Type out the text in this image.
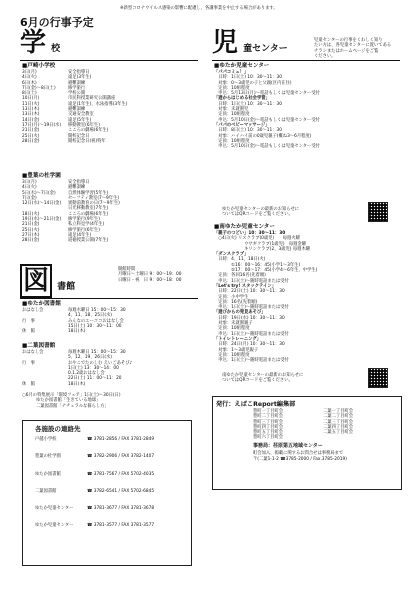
※新型コロナウイルス感染の影響に配慮し、各講事業を中止する場合があります。
6月の行事予定
学 校
■戸崎小学校
3日(月)	安全指導日
4日(火)	遠足(3年生)
6日(木)	避難訓練
7日(金)〜8日(土)	修学旅行
8日(土)	学校公開
10日(月)	市民科授業研究公開講座
11日(火)	遠足(1年生)、水泳指導(3年生)
13日(木)	避難訓練
13日(木)	交通安全教室
14日(金)	遠足(5年生)
17日(月)〜19日(水)	移動教室(6年生)
21日(金)	こころの劇場(6年生)
25日(火)	開校記念日
28日(金)	開校記念日(祝)特年
■豊葉の杜学園
3日(月)	安全指導日
4日(火)	避難訓練
5日(水)〜7日(金)	自然体験学習(5年生)
7日(金)	セーフティ教室(7〜9年生)
12日(水)〜14日(金)	異動前教育の日(7〜9年生)
日光移動教室(7年生)
18日(火)	こころの劇場(6年生)
19日(水)〜21日(金)	修学旅行(9年生)
21日(金)	私立科見学(4年生)
25日(火)	修学旅行(6年生)
27日(木)	遠足(4年生)
28日(金)	道徳授業公開(7年生)
図 書館
開館時間
月曜日〜土曜日 9：00〜19：00
日曜日・祝　日 9：00〜18：00
■ゆたか図書館
おはなし会	毎週水曜日 15：00〜15：30
4、11、18、25日(水)
行　事	みんなのユーココおはなし会
15日(土) 10：30〜11：00
休　館	18日(木)
■二葉図書館
おはなし会	毎週木曜日 15：00〜15：30
5、12、19、26日(水)
行　事	おやこでたのしむ えいごあそび♪
1日(土) 13：30〜14：00
0.1.2歳おはなし会
22日(土) 11：00〜11：20
休　館	18日(木)
○6月の特集展示「環境フェア」1日(土)〜30日(日)
ゆたか図書館「生きている地球」
二葉図書館「ナチュラルな暮らし方」
各施設の連絡先
戸越小学校	☎ 3781-2856 / FAX 3781-2849
豊葉の杜学園	☎ 3782-2906 / FAX 3782-1407
ゆたか図書館	☎ 3781-7567 / FAX 5702-4035
二葉図書館	☎ 3782-6541 / FAX 5702-6845
ゆたか児童センター	☎ 3781-3677 / FAX 3781-3678
ゆたか児童センター	☎ 3781-3577 / FAX 3781-3577
児 童センター
児童センターの行事をくわしく知り
たい方は、各児童センターに置いてある
チラシまたはホームページをご覧
ください。
■ゆたか児童センター
「パパコミュ！」
　日時：1日(土) 10：30〜11：30
　対象：0〜3歳児の子と父親(区内在住)
　定員：10組程度
　申込：5月13日(月)〜電話もしくは児童センター受付
「遊からはじめる社会学習」
　日時：1日(土) 10：30〜11：30
　対象：未就園児
　定員：10組程度
　申込：5月10日(金)〜電話もしくは児童センター受付
「パパのベビーマッサージ」
　日時：8日(土) 10：30〜11：30
　対象：ハイハイ前の0歳児親子(概ね3〜6月程度)
　定員：10組程度
　申込：5月10日(金)〜電話もしくは児童センター受付
ゆたか児童センターの最新のお知らせに
ついてはQRコードをご覧ください。
■南ゆたか児童センター
「親子のつどい」10：30〜11：30
　○4日(火) リスクラブ(0歳児)　　毎週火曜
　　　　　　　ウサギクラブ(1歳児)　毎週金曜
　　　　　　　キリンクラブ(2、3歳児) 毎週木曜
「ダンスクラブ」
　日時：4、11、18日(火)
　　　　①16：00〜16：45(小学1〜3年生)
　　　　②17：00〜17：45(小学4〜6年生、中学生)
　定員：各回16名(先着順)
　申込：1日(土)〜随時電話または受付
「Let's try! スタックテイン」
　日時：22日(土) 10：30〜11：30
　定員：小中学生
　定員：16名(先着順)
　申込：1日(土)〜随時電話または受付
「遊びからの発見あそび」
　日時：19日(水) 10：30〜11：30
　対象：未就園親子
　定員：10組程度
　申込：1日(土)〜随時電話または受付
「トイレトレーニング」
　日時：24日(月) 10：30〜11：30
　対象：1〜3歳児親子
　定員：10組程度
　申込：1日(土)〜随時電話または受付
南ゆたか児童センターの最新のお知らせに
ついてはQRコードをご覧ください。
発行：えばこReport編集部
豊町一丁目町会	二葉一丁目町会
豊町二丁目町会	二葉二丁目町会
豊町三丁目町会	二葉三丁目町会
豊町四丁目町会	二葉四丁目町会
豊町五丁目町会	二葉五丁目町会
豊町六丁目町会
事務局：荏原第五地域センター
町会加入、掲載に関するお問合せは事務局まで
〒(二葉1-1-2 ☎3785-2000 / Fax.3785-2019)
